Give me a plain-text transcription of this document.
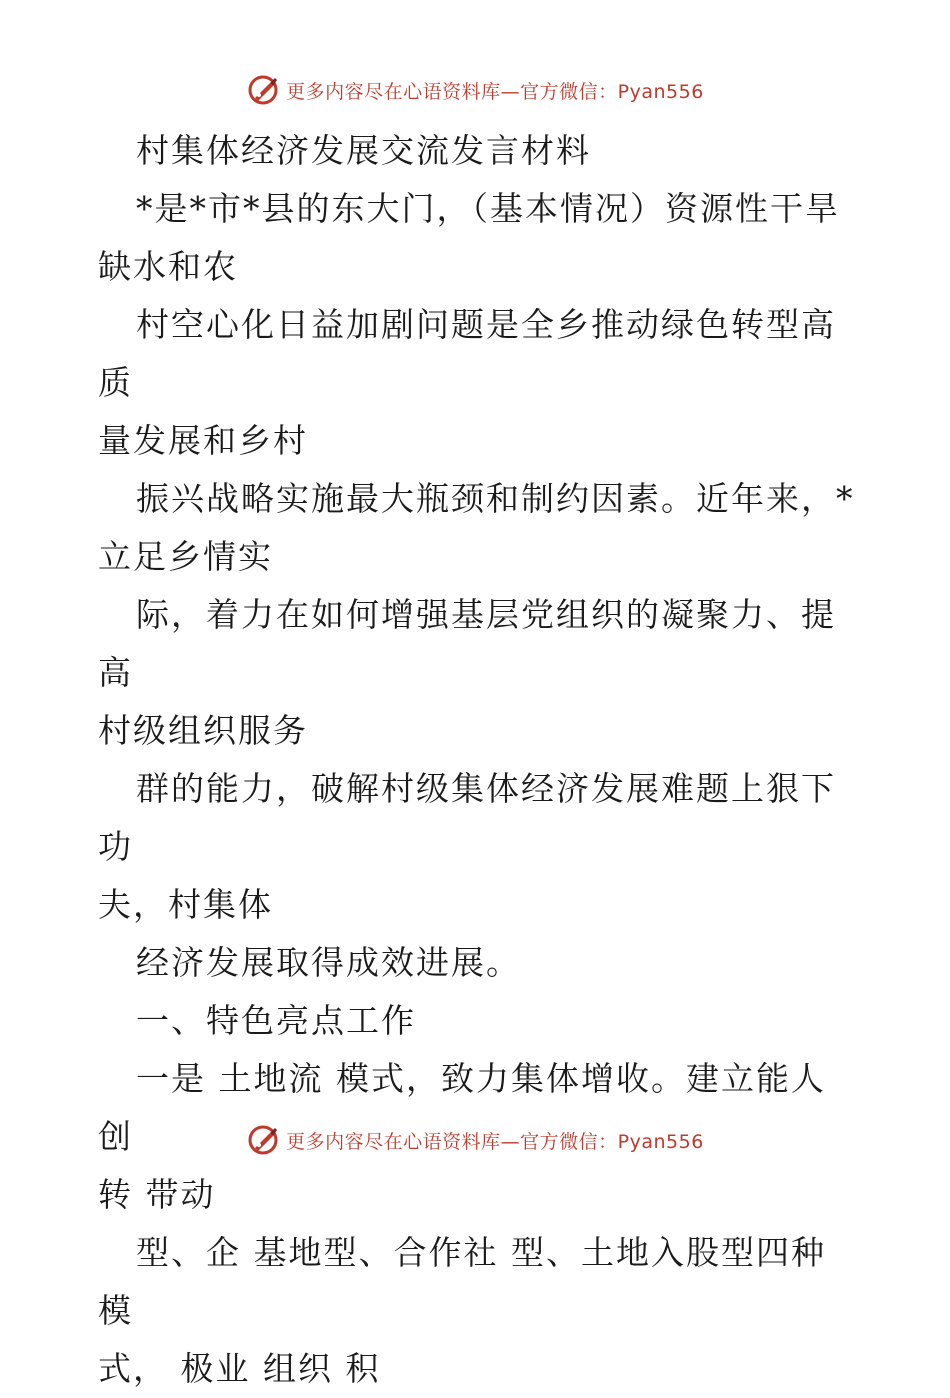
更多内容尽在心语资料库—官方微信：Pyan556

村集体经济发展交流发言材料

*是*市*县的东大门，（基本情况）资源性干旱

缺水和农

村空心化日益加剧问题是全乡推动绿色转型高质

量发展和乡村

振兴战略实施最大瓶颈和制约因素。近年来，*

立足乡情实

际，着力在如何增强基层党组织的凝聚力、提高

村级组织服务

群的能力，破解村级集体经济发展难题上狠下功

夫，村集体

经济发展取得成效进展。

一、特色亮点工作

一是 土地流 模式，致力集体增收。建立能人创

转 带动

型、企 基地型、合作社 型、土地入股型四种模

式， 极业 组织 积

更多内容尽在心语资料库—官方微信：Pyan556
